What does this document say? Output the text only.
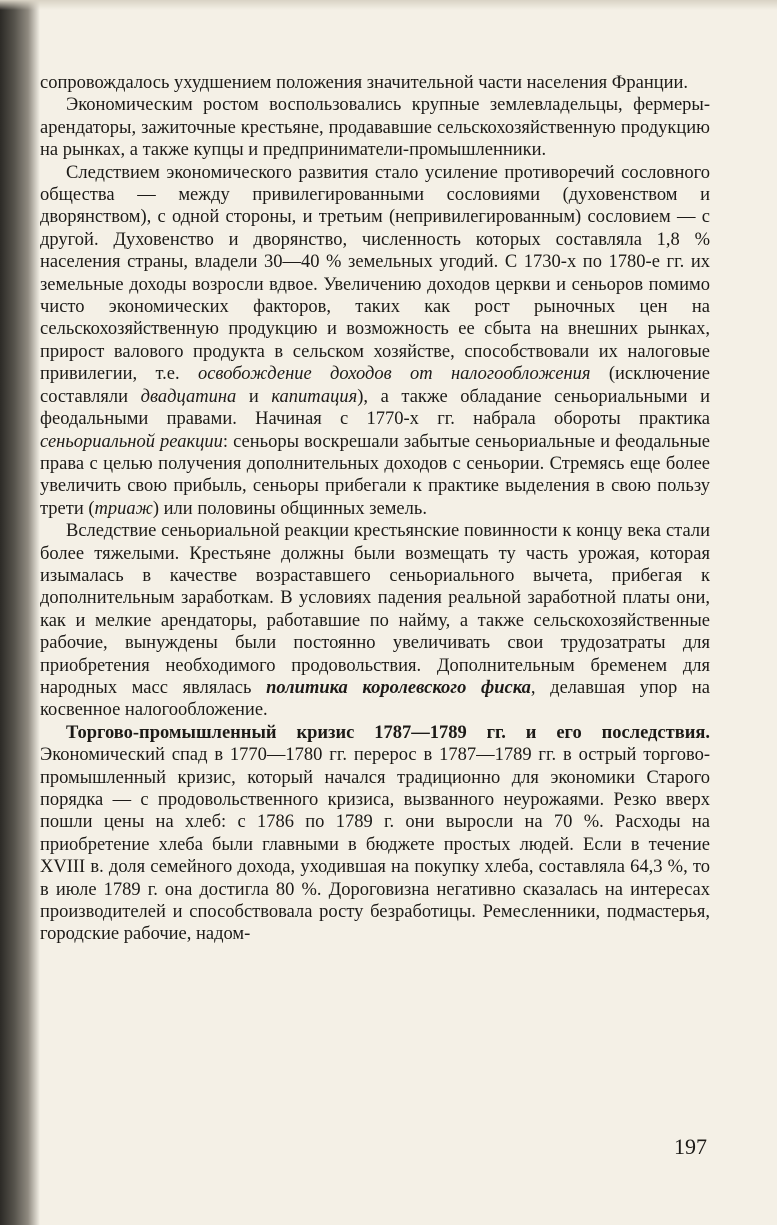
сопровождалось ухудшением положения значительной части населения Франции.

Экономическим ростом воспользовались крупные землевладельцы, фермеры-арендаторы, зажиточные крестьяне, продававшие сельскохозяйственную продукцию на рынках, а также купцы и предприниматели-промышленники.

Следствием экономического развития стало усиление противоречий сословного общества — между привилегированными сословиями (духовенством и дворянством), с одной стороны, и третьим (непривилегированным) сословием — с другой. Духовенство и дворянство, численность которых составляла 1,8 % населения страны, владели 30—40 % земельных угодий. С 1730-х по 1780-е гг. их земельные доходы возросли вдвое. Увеличению доходов церкви и сеньоров помимо чисто экономических факторов, таких как рост рыночных цен на сельскохозяйственную продукцию и возможность ее сбыта на внешних рынках, прирост валового продукта в сельском хозяйстве, способствовали их налоговые привилегии, т.е. освобождение доходов от налогообложения (исключение составляли двадцатина и капитация), а также обладание сеньориальными и феодальными правами. Начиная с 1770-х гг. набрала обороты практика сеньориальной реакции: сеньоры воскрешали забытые сеньориальные и феодальные права с целью получения дополнительных доходов с сеньории. Стремясь еще более увеличить свою прибыль, сеньоры прибегали к практике выделения в свою пользу трети (триаж) или половины общинных земель.

Вследствие сеньориальной реакции крестьянские повинности к концу века стали более тяжелыми. Крестьяне должны были возмещать ту часть урожая, которая изымалась в качестве возраставшего сеньориального вычета, прибегая к дополнительным заработкам. В условиях падения реальной заработной платы они, как и мелкие арендаторы, работавшие по найму, а также сельскохозяйственные рабочие, вынуждены были постоянно увеличивать свои трудозатраты для приобретения необходимого продовольствия. Дополнительным бременем для народных масс являлась политика королевского фиска, делавшая упор на косвенное налогообложение.

Торгово-промышленный кризис 1787—1789 гг. и его последствия. Экономический спад в 1770—1780 гг. перерос в 1787—1789 гг. в острый торгово-промышленный кризис, который начался традиционно для экономики Старого порядка — с продовольственного кризиса, вызванного неурожаями. Резко вверх пошли цены на хлеб: с 1786 по 1789 г. они выросли на 70 %. Расходы на приобретение хлеба были главными в бюджете простых людей. Если в течение XVIII в. доля семейного дохода, уходившая на покупку хлеба, составляла 64,3 %, то в июле 1789 г. она достигла 80 %. Дороговизна негативно сказалась на интересах производителей и способствовала росту безработицы. Ремесленники, подмастерья, городские рабочие, надом-

197
